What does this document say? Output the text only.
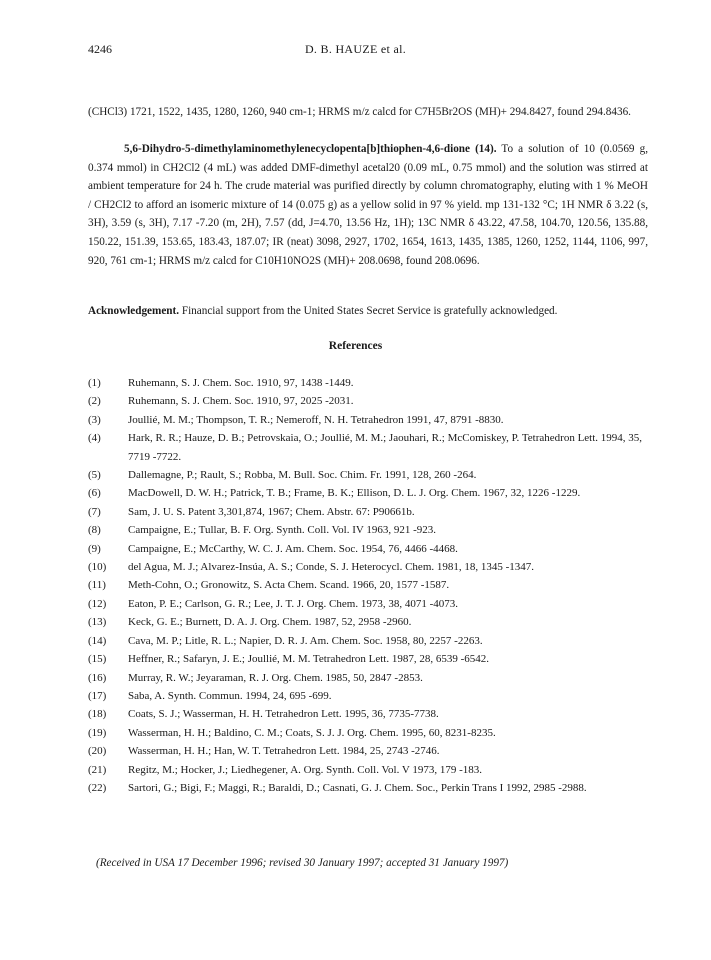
4246	D. B. HAUZE et al.
(CHCl3) 1721, 1522, 1435, 1280, 1260, 940 cm-1; HRMS m/z calcd for C7H5Br2OS (MH)+ 294.8427, found 294.8436.
5,6-Dihydro-5-dimethylaminomethylenecyclopenta[b]thiophen-4,6-dione (14). To a solution of 10 (0.0569 g, 0.374 mmol) in CH2Cl2 (4 mL) was added DMF-dimethyl acetal20 (0.09 mL, 0.75 mmol) and the solution was stirred at ambient temperature for 24 h. The crude material was purified directly by column chromatography, eluting with 1 % MeOH / CH2Cl2 to afford an isomeric mixture of 14 (0.075 g) as a yellow solid in 97 % yield. mp 131-132 °C; 1H NMR δ 3.22 (s, 3H), 3.59 (s, 3H), 7.17 -7.20 (m, 2H), 7.57 (dd, J=4.70, 13.56 Hz, 1H); 13C NMR δ 43.22, 47.58, 104.70, 120.56, 135.88, 150.22, 151.39, 153.65, 183.43, 187.07; IR (neat) 3098, 2927, 1702, 1654, 1613, 1435, 1385, 1260, 1252, 1144, 1106, 997, 920, 761 cm-1; HRMS m/z calcd for C10H10NO2S (MH)+ 208.0698, found 208.0696.
Acknowledgement. Financial support from the United States Secret Service is gratefully acknowledged.
References
(1) Ruhemann, S. J. Chem. Soc. 1910, 97, 1438 -1449.
(2) Ruhemann, S. J. Chem. Soc. 1910, 97, 2025 -2031.
(3) Joullié, M. M.; Thompson, T. R.; Nemeroff, N. H. Tetrahedron 1991, 47, 8791 -8830.
(4) Hark, R. R.; Hauze, D. B.; Petrovskaia, O.; Joullié, M. M.; Jaouhari, R.; McComiskey, P. Tetrahedron Lett. 1994, 35, 7719 -7722.
(5) Dallemagne, P.; Rault, S.; Robba, M. Bull. Soc. Chim. Fr. 1991, 128, 260 -264.
(6) MacDowell, D. W. H.; Patrick, T. B.; Frame, B. K.; Ellison, D. L. J. Org. Chem. 1967, 32, 1226 -1229.
(7) Sam, J. U. S. Patent 3,301,874, 1967; Chem. Abstr. 67: P90661b.
(8) Campaigne, E.; Tullar, B. F. Org. Synth. Coll. Vol. IV 1963, 921 -923.
(9) Campaigne, E.; McCarthy, W. C. J. Am. Chem. Soc. 1954, 76, 4466 -4468.
(10) del Agua, M. J.; Alvarez-Insúa, A. S.; Conde, S. J. Heterocycl. Chem. 1981, 18, 1345 -1347.
(11) Meth-Cohn, O.; Gronowitz, S. Acta Chem. Scand. 1966, 20, 1577 -1587.
(12) Eaton, P. E.; Carlson, G. R.; Lee, J. T. J. Org. Chem. 1973, 38, 4071 -4073.
(13) Keck, G. E.; Burnett, D. A. J. Org. Chem. 1987, 52, 2958 -2960.
(14) Cava, M. P.; Litle, R. L.; Napier, D. R. J. Am. Chem. Soc. 1958, 80, 2257 -2263.
(15) Heffner, R.; Safaryn, J. E.; Joullié, M. M. Tetrahedron Lett. 1987, 28, 6539 -6542.
(16) Murray, R. W.; Jeyaraman, R. J. Org. Chem. 1985, 50, 2847 -2853.
(17) Saba, A. Synth. Commun. 1994, 24, 695 -699.
(18) Coats, S. J.; Wasserman, H. H. Tetrahedron Lett. 1995, 36, 7735-7738.
(19) Wasserman, H. H.; Baldino, C. M.; Coats, S. J. J. Org. Chem. 1995, 60, 8231-8235.
(20) Wasserman, H. H.; Han, W. T. Tetrahedron Lett. 1984, 25, 2743 -2746.
(21) Regitz, M.; Hocker, J.; Liedhegener, A. Org. Synth. Coll. Vol. V 1973, 179 -183.
(22) Sartori, G.; Bigi, F.; Maggi, R.; Baraldi, D.; Casnati, G. J. Chem. Soc., Perkin Trans I 1992, 2985 -2988.
(Received in USA 17 December 1996; revised 30 January 1997; accepted 31 January 1997)
